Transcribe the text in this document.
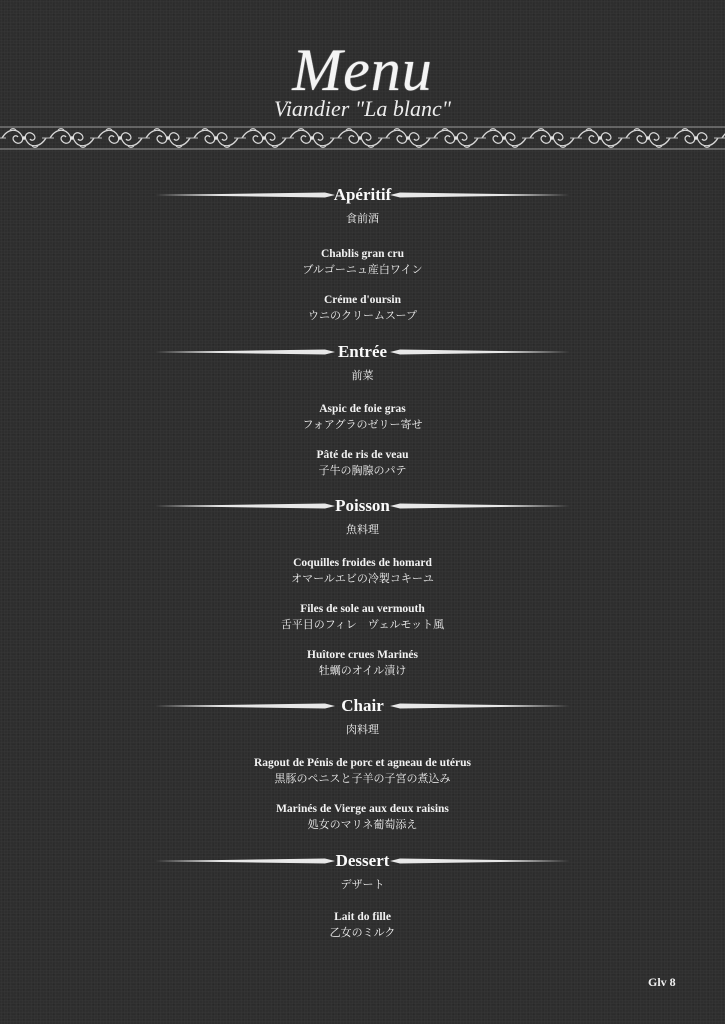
Menu
Viandier "La blanc"
Apéritif
食前酒
Chablis gran cru
ブルゴーニュ産白ワイン
Créme d'oursin
ウニのクリームスープ
Entrée
前菜
Aspic de foie gras
フォアグラのゼリー寄せ
Pâté de ris de veau
子牛の胸腺のパテ
Poisson
魚料理
Coquilles froides de homard
オマールエビの冷製コキーユ
Files de sole au vermouth
舌平目のフィレ　ヴェルモット風
Huîtore crues Marinés
牡蠣のオイル漬け
Chair
肉料理
Ragout de Pénis de porc et agneau de utérus
黒豚のペニスと子羊の子宮の煮込み
Marinés de Vierge aux deux raisins
処女のマリネ葡萄添え
Dessert
デザート
Lait do fille
乙女のミルク
Glv 8
